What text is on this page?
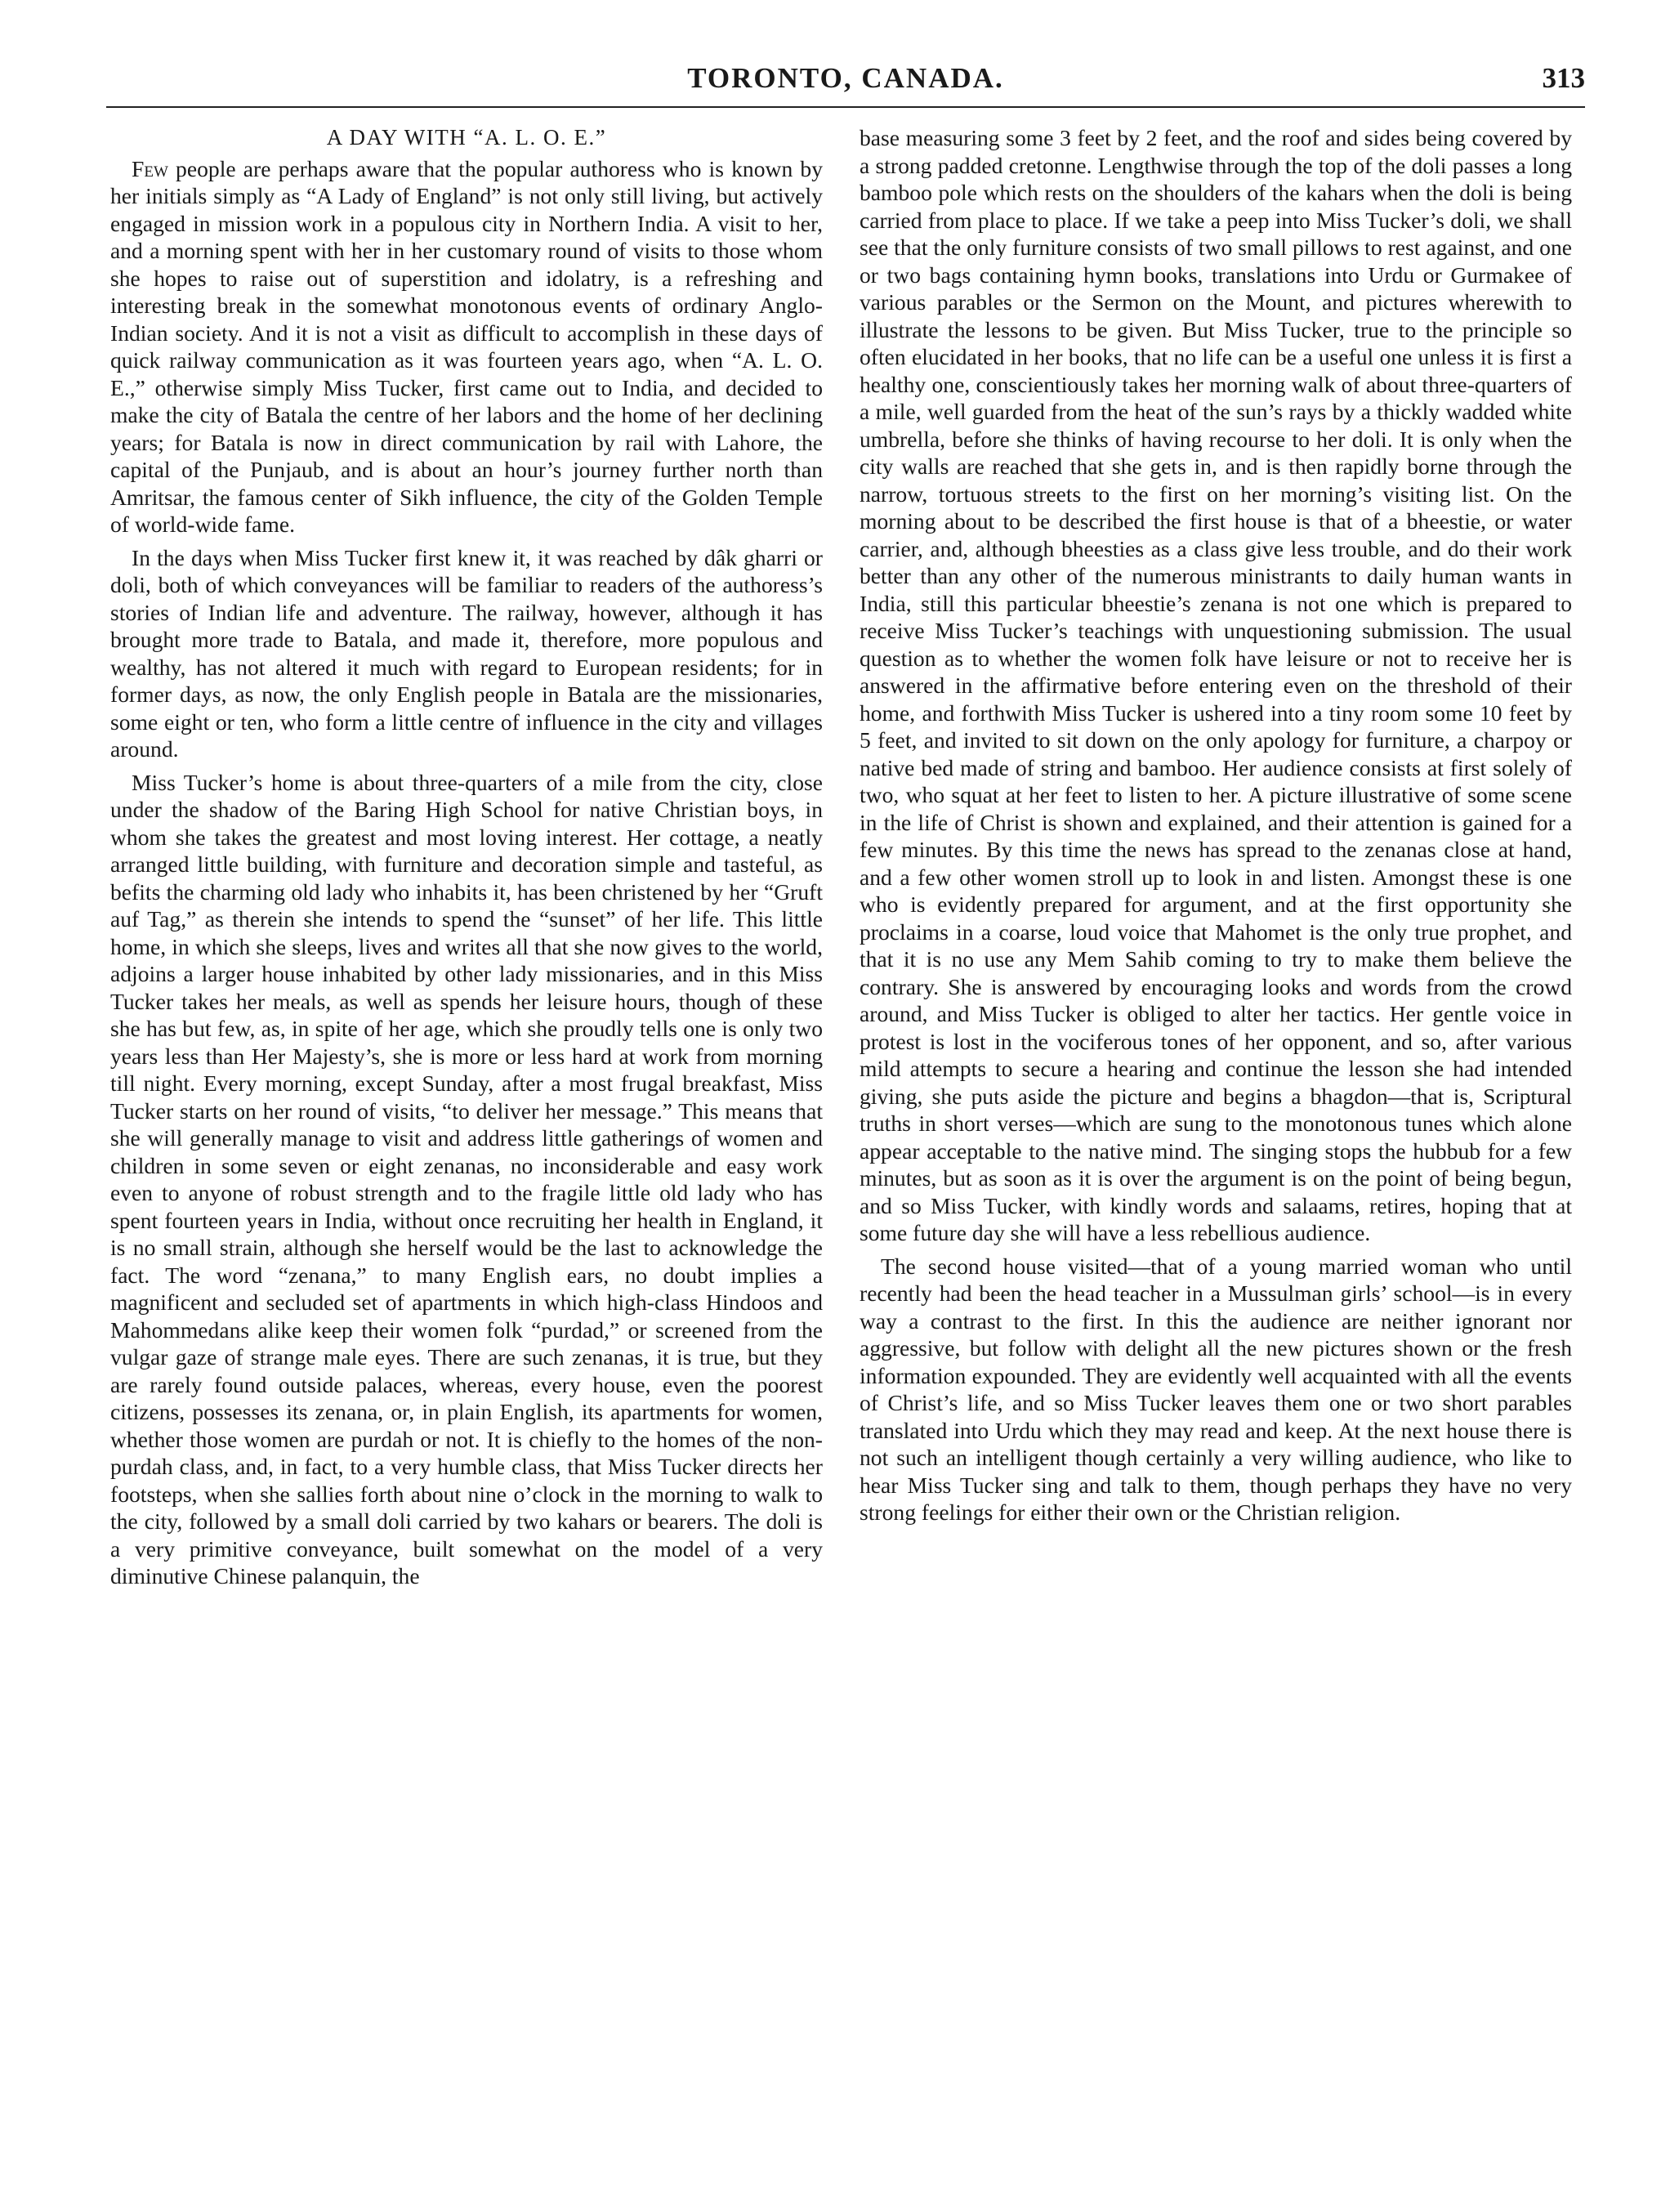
TORONTO, CANADA.	313
A DAY WITH “A. L. O. E.”

Few people are perhaps aware that the popular authoress who is known by her initials simply as “A Lady of England” is not only still living, but actively engaged in mission work in a populous city in Northern India. A visit to her, and a morning spent with her in her customary round of visits to those whom she hopes to raise out of superstition and idolatry, is a refreshing and interesting break in the somewhat monotonous events of ordinary Anglo-Indian society. And it is not a visit as difficult to accomplish in these days of quick railway communication as it was fourteen years ago, when “A. L. O. E.,” otherwise simply Miss Tucker, first came out to India, and decided to make the city of Batala the centre of her labors and the home of her declining years; for Batala is now in direct communication by rail with Lahore, the capital of the Punjaub, and is about an hour’s journey further north than Amritsar, the famous center of Sikh influence, the city of the Golden Temple of world-wide fame.

In the days when Miss Tucker first knew it, it was reached by dâk gharri or doli, both of which conveyances will be familiar to readers of the authoress’s stories of Indian life and adventure. The railway, however, although it has brought more trade to Batala, and made it, therefore, more populous and wealthy, has not altered it much with regard to European residents; for in former days, as now, the only English people in Batala are the missionaries, some eight or ten, who form a little centre of influence in the city and villages around.

Miss Tucker’s home is about three-quarters of a mile from the city, close under the shadow of the Baring High School for native Christian boys, in whom she takes the greatest and most loving interest. Her cottage, a neatly arranged little building, with furniture and decoration simple and tasteful, as befits the charming old lady who inhabits it, has been christened by her “Gruft auf Tag,” as therein she intends to spend the “sunset” of her life. This little home, in which she sleeps, lives and writes all that she now gives to the world, adjoins a larger house inhabited by other lady missionaries, and in this Miss Tucker takes her meals, as well as spends her leisure hours, though of these she has but few, as, in spite of her age, which she proudly tells one is only two years less than Her Majesty’s, she is more or less hard at work from morning till night. Every morning, except Sunday, after a most frugal breakfast, Miss Tucker starts on her round of visits, “to deliver her message.” This means that she will generally manage to visit and address little gatherings of women and children in some seven or eight zenanas, no inconsiderable and easy work even to anyone of robust strength and to the fragile little old lady who has spent fourteen years in India, without once recruiting her health in England, it is no small strain, although she herself would be the last to acknowledge the fact. The word “zenana,” to many English ears, no doubt implies a magnificent and secluded set of apartments in which high-class Hindoos and Mahommedans alike keep their women folk “purdad,” or screened from the vulgar gaze of strange male eyes. There are such zenanas, it is true, but they are rarely found outside palaces, whereas, every house, even the poorest citizens, possesses its zenana, or, in plain English, its apartments for women, whether those women are purdah or not. It is chiefly to the homes of the non-purdah class, and, in fact, to a very humble class, that Miss Tucker directs her footsteps, when she sallies forth about nine o’clock in the morning to walk to the city, followed by a small doli carried by two kahars or bearers. The doli is a very primitive conveyance, built somewhat on the model of a very diminutive Chinese palanquin, the

base measuring some 3 feet by 2 feet, and the roof and sides being covered by a strong padded cretonne. Lengthwise through the top of the doli passes a long bamboo pole which rests on the shoulders of the kahars when the doli is being carried from place to place. If we take a peep into Miss Tucker’s doli, we shall see that the only furniture consists of two small pillows to rest against, and one or two bags containing hymn books, translations into Urdu or Gurmakee of various parables or the Sermon on the Mount, and pictures wherewith to illustrate the lessons to be given. But Miss Tucker, true to the principle so often elucidated in her books, that no life can be a useful one unless it is first a healthy one, conscientiously takes her morning walk of about three-quarters of a mile, well guarded from the heat of the sun’s rays by a thickly wadded white umbrella, before she thinks of having recourse to her doli. It is only when the city walls are reached that she gets in, and is then rapidly borne through the narrow, tortuous streets to the first on her morning’s visiting list. On the morning about to be described the first house is that of a bheestie, or water carrier, and, although bheesties as a class give less trouble, and do their work better than any other of the numerous ministrants to daily human wants in India, still this particular bheestie’s zenana is not one which is prepared to receive Miss Tucker’s teachings with unquestioning submission. The usual question as to whether the women folk have leisure or not to receive her is answered in the affirmative before entering even on the threshold of their home, and forthwith Miss Tucker is ushered into a tiny room some 10 feet by 5 feet, and invited to sit down on the only apology for furniture, a charpoy or native bed made of string and bamboo. Her audience consists at first solely of two, who squat at her feet to listen to her. A picture illustrative of some scene in the life of Christ is shown and explained, and their attention is gained for a few minutes. By this time the news has spread to the zenanas close at hand, and a few other women stroll up to look in and listen. Amongst these is one who is evidently prepared for argument, and at the first opportunity she proclaims in a coarse, loud voice that Mahomet is the only true prophet, and that it is no use any Mem Sahib coming to try to make them believe the contrary. She is answered by encouraging looks and words from the crowd around, and Miss Tucker is obliged to alter her tactics. Her gentle voice in protest is lost in the vociferous tones of her opponent, and so, after various mild attempts to secure a hearing and continue the lesson she had intended giving, she puts aside the picture and begins a bhagdon—that is, Scriptural truths in short verses—which are sung to the monotonous tunes which alone appear acceptable to the native mind. The singing stops the hubbub for a few minutes, but as soon as it is over the argument is on the point of being begun, and so Miss Tucker, with kindly words and salaams, retires, hoping that at some future day she will have a less rebellious audience.

The second house visited—that of a young married woman who until recently had been the head teacher in a Mussulman girls’ school—is in every way a contrast to the first. In this the audience are neither ignorant nor aggressive, but follow with delight all the new pictures shown or the fresh information expounded. They are evidently well acquainted with all the events of Christ’s life, and so Miss Tucker leaves them one or two short parables translated into Urdu which they may read and keep. At the next house there is not such an intelligent though certainly a very willing audience, who like to hear Miss Tucker sing and talk to them, though perhaps they have no very strong feelings for either their own or the Christian religion.
